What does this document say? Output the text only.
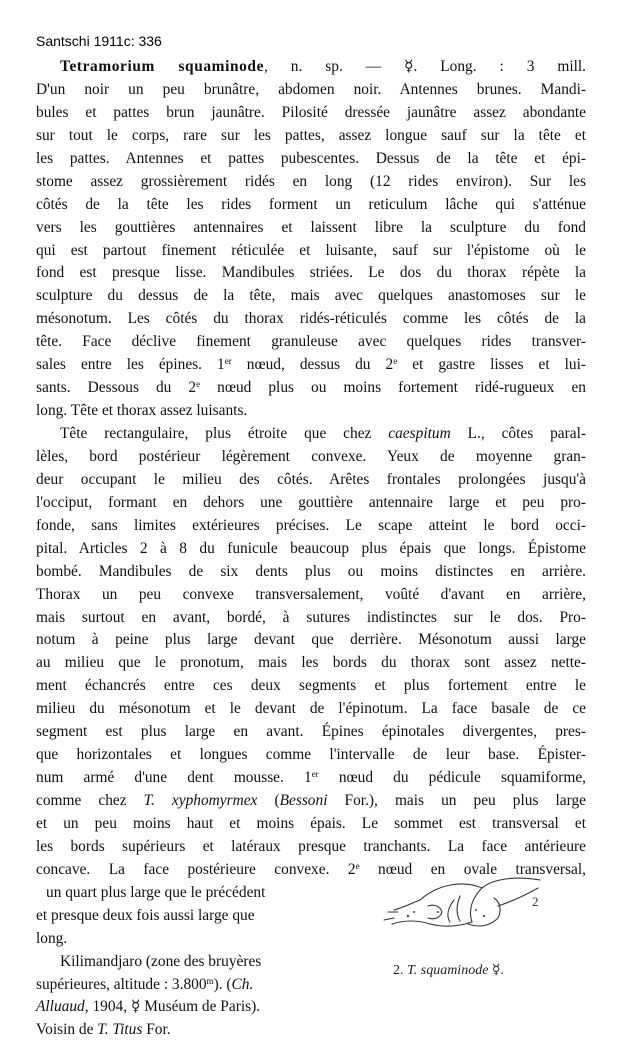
Santschi 1911c: 336
Tetramorium squaminode, n. sp. — ☿. Long. : 3 mill.
D'un noir un peu brunâtre, abdomen noir. Antennes brunes. Mandi-
bules et pattes brun jaunâtre. Pilosité dressée jaunâtre assez abondante
sur tout le corps, rare sur les pattes, assez longue sauf sur la tête et
les pattes. Antennes et pattes pubescentes. Dessus de la tête et épi-
stome assez grossièrement ridés en long (12 rides environ). Sur les
côtés de la tête les rides forment un reticulum lâche qui s'atténue
vers les gouttières antennaires et laissent libre la sculpture du fond
qui est partout finement réticulée et luisante, sauf sur l'épistome où le
fond est presque lisse. Mandibules striées. Le dos du thorax répète la
sculpture du dessus de la tête, mais avec quelques anastomoses sur le
mésonotum. Les côtés du thorax ridés-réticulés comme les côtés de la
tête. Face déclive finement granuleuse avec quelques rides transver-
sales entre les épines. 1er nœud, dessus du 2e et gastre lisses et lui-
sants. Dessous du 2e nœud plus ou moins fortement ridé-rugueux en
long. Tête et thorax assez luisants.
Tête rectangulaire, plus étroite que chez caespitum L., côtes paral-
lèles, bord postérieur légèrement convexe. Yeux de moyenne gran-
deur occupant le milieu des côtés. Arêtes frontales prolongées jusqu'à
l'occiput, formant en dehors une gouttière antennaire large et peu pro-
fonde, sans limites extérieures précises. Le scape atteint le bord occi-
pital. Articles 2 à 8 du funicule beaucoup plus épais que longs. Épistome
bombé. Mandibules de six dents plus ou moins distinctes en arrière.
Thorax un peu convexe transversalement, voûté d'avant en arrière,
mais surtout en avant, bordé, à sutures indistinctes sur le dos. Pro-
notum à peine plus large devant que derrière. Mésonotum aussi large
au milieu que le pronotum, mais les bords du thorax sont assez nette-
ment échancrés entre ces deux segments et plus fortement entre le
milieu du mésonotum et le devant de l'épinotum. La face basale de ce
segment est plus large en avant. Épines épinotales divergentes, pres-
que horizontales et longues comme l'intervalle de leur base. Épister-
num armé d'une dent mousse. 1er nœud du pédicule squamiforme,
comme chez T. xyphomyrmex (Bessoni For.), mais un peu plus large
et un peu moins haut et moins épais. Le sommet est transversal et
les bords supérieurs et latéraux presque tranchants. La face antérieure
concave. La face postérieure convexe. 2e nœud en ovale transversal,
un quart plus large que le précédent
et presque deux fois aussi large que
long.
Kilimandjaro (zone des bruyères
supérieures, altitude : 3.800$^m$). (Ch.
Alluaud, 1904, ☿ Muséum de Paris).
Voisin de T. Titus For.
2
2. T. squaminode ☿.
